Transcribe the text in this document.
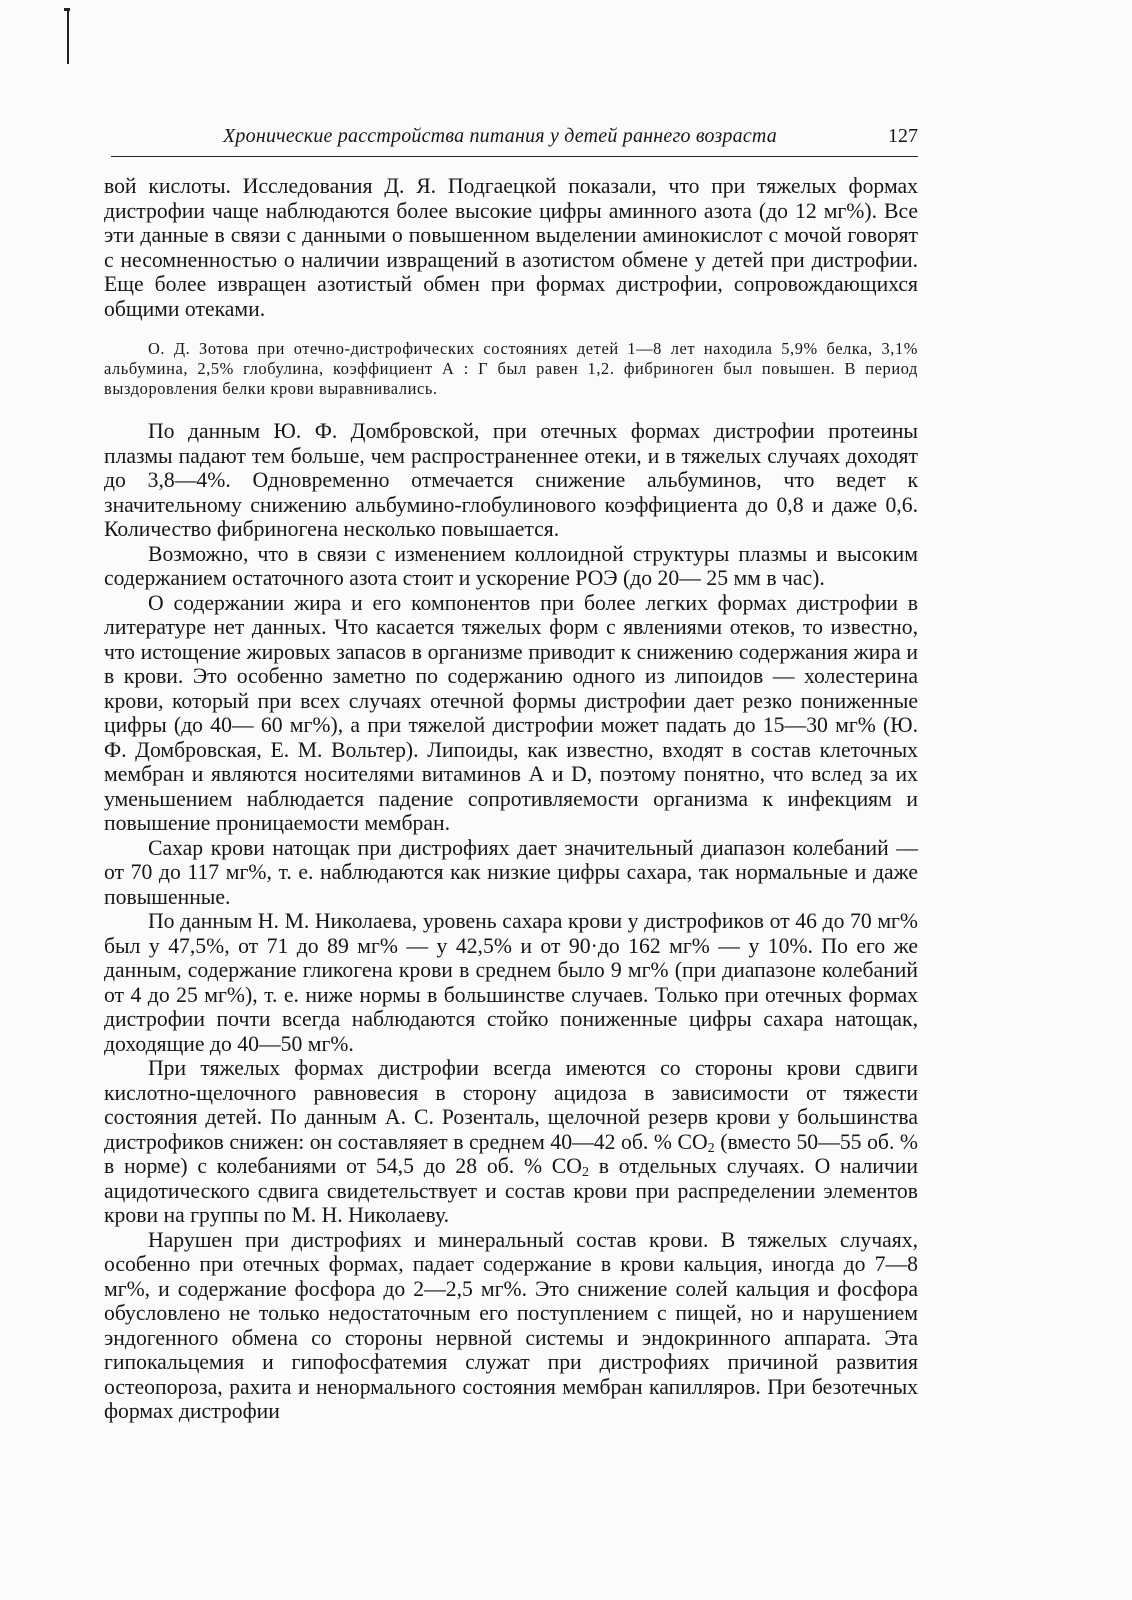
Хронические расстройства питания у детей раннего возраста	127

вой кислоты. Исследования Д. Я. Подгаецкой показали, что при тяжелых формах дистрофии чаще наблюдаются более высокие цифры аминного азота (до 12 мг%). Все эти данные в связи с данными о повышенном выделении аминокислот с мочой говорят с несомненностью о наличии извращений в азотистом обмене у детей при дистрофии. Еще более извращен азотистый обмен при формах дистрофии, сопровождающихся общими отеками.

О. Д. Зотова при отечно-дистрофических состояниях детей 1—8 лет находила 5,9% белка, 3,1% альбумина, 2,5% глобулина, коэффициент А : Г был равен 1,2. фибриноген был повышен. В период выздоровления белки крови выравнивались.

По данным Ю. Ф. Домбровской, при отечных формах дистрофии протеины плазмы падают тем больше, чем распространеннее отеки, и в тяжелых случаях доходят до 3,8—4%. Одновременно отмечается снижение альбуминов, что ведет к значительному снижению альбумино-глобулинового коэффициента до 0,8 и даже 0,6. Количество фибриногена несколько повышается.

Возможно, что в связи с изменением коллоидной структуры плазмы и высоким содержанием остаточного азота стоит и ускорение РОЭ (до 20— 25 мм в час).

О содержании жира и его компонентов при более легких формах дистрофии в литературе нет данных. Что касается тяжелых форм с явлениями отеков, то известно, что истощение жировых запасов в организме приводит к снижению содержания жира и в крови. Это особенно заметно по содержанию одного из липоидов — холестерина крови, который при всех случаях отечной формы дистрофии дает резко пониженные цифры (до 40— 60 мг%), а при тяжелой дистрофии может падать до 15—30 мг% (Ю. Ф. Домбровская, Е. М. Вольтер). Липоиды, как известно, входят в состав клеточных мембран и являются носителями витаминов А и D, поэтому понятно, что вслед за их уменьшением наблюдается падение сопротивляемости организма к инфекциям и повышение проницаемости мембран.

Сахар крови натощак при дистрофиях дает значительный диапазон колебаний — от 70 до 117 мг%, т. е. наблюдаются как низкие цифры сахара, так нормальные и даже повышенные.

По данным Н. М. Николаева, уровень сахара крови у дистрофиков от 46 до 70 мг% был у 47,5%, от 71 до 89 мг% — у 42,5% и от 90·до 162 мг% — у 10%. По его же данным, содержание гликогена крови в среднем было 9 мг% (при диапазоне колебаний от 4 до 25 мг%), т. е. ниже нормы в большинстве случаев. Только при отечных формах дистрофии почти всегда наблюдаются стойко пониженные цифры сахара натощак, доходящие до 40—50 мг%.

При тяжелых формах дистрофии всегда имеются со стороны крови сдвиги кислотно-щелочного равновесия в сторону ацидоза в зависимости от тяжести состояния детей. По данным А. С. Розенталь, щелочной резерв крови у большинства дистрофиков снижен: он составляяет в среднем 40—42 об. % $CO_2$ (вместо 50—55 об. % в норме) с колебаниями от 54,5 до 28 об. % $CO_2$ в отдельных случаях. О наличии ацидотического сдвига свидетельствует и состав крови при распределении элементов крови на группы по М. Н. Николаеву.

Нарушен при дистрофиях и минеральный состав крови. В тяжелых случаях, особенно при отечных формах, падает содержание в крови кальция, иногда до 7—8 мг%, и содержание фосфора до 2—2,5 мг%. Это снижение солей кальция и фосфора обусловлено не только недостаточным его поступлением с пищей, но и нарушением эндогенного обмена со стороны нервной системы и эндокринного аппарата. Эта гипокальцемия и гипофосфатемия служат при дистрофиях причиной развития остеопороза, рахита и ненормального состояния мембран капилляров. При безотечных формах дистрофии
